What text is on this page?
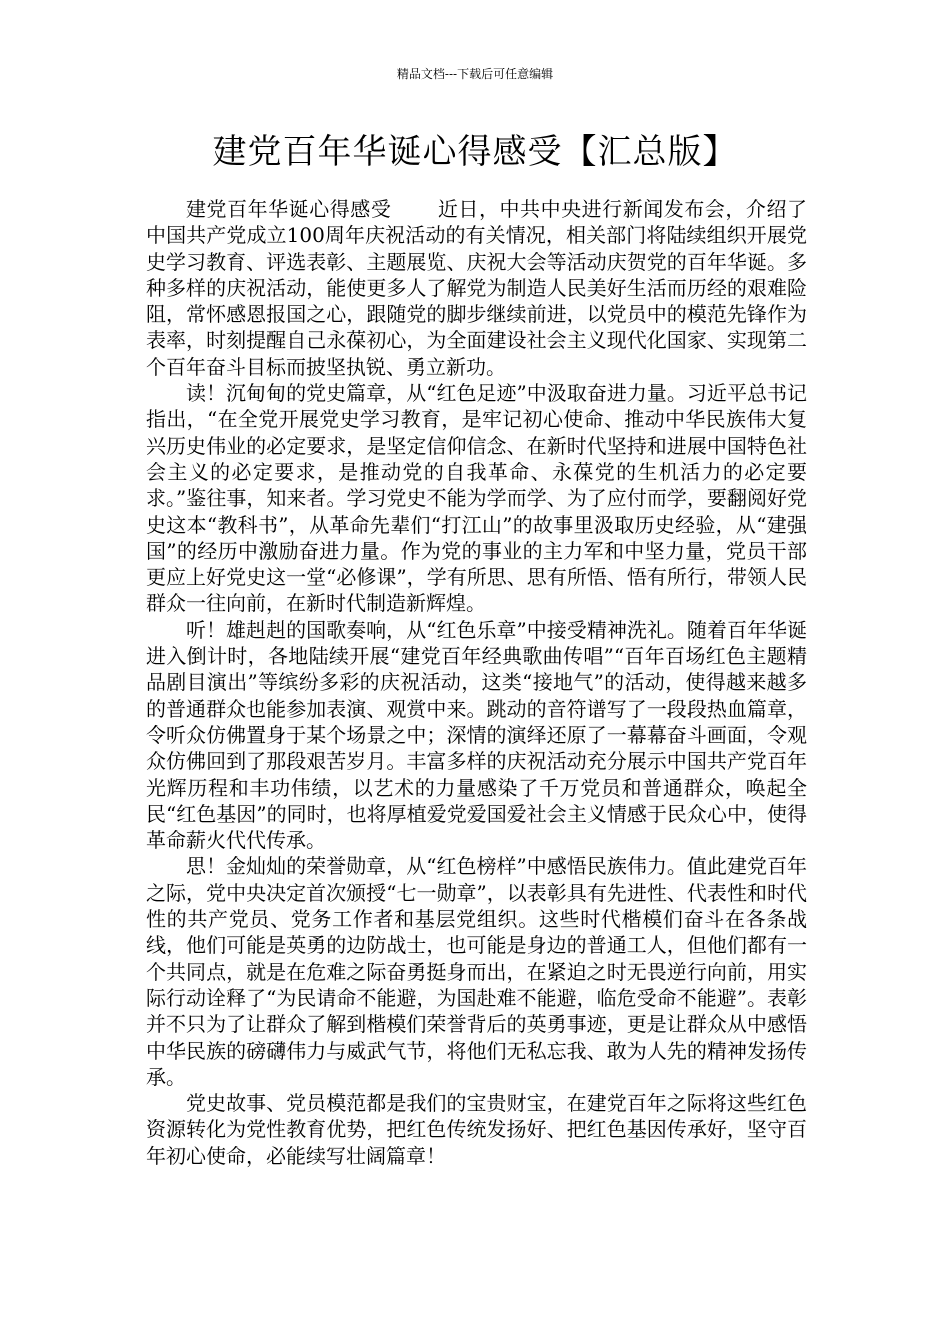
精品文档---下载后可任意编辑
建党百年华诞心得感受【汇总版】

建党百年华诞心得感受 近日，中共中央进行新闻发布会，介绍了中国共产党成立100周年庆祝活动的有关情况，相关部门将陆续组织开展党史学习教育、评选表彰、主题展览、庆祝大会等活动庆贺党的百年华诞。多种多样的庆祝活动，能使更多人了解党为制造人民美好生活而历经的艰难险阻，常怀感恩报国之心，跟随党的脚步继续前进，以党员中的模范先锋作为表率，时刻提醒自己永葆初心，为全面建设社会主义现代化国家、实现第二个百年奋斗目标而披坚执锐、勇立新功。

读！沉甸甸的党史篇章，从“红色足迹”中汲取奋进力量。习近平总书记指出，“在全党开展党史学习教育，是牢记初心使命、推动中华民族伟大复兴历史伟业的必定要求，是坚定信仰信念、在新时代坚持和进展中国特色社会主义的必定要求，是推动党的自我革命、永葆党的生机活力的必定要求。”鉴往事，知来者。学习党史不能为学而学、为了应付而学，要翻阅好党史这本“教科书”，从革命先辈们“打江山”的故事里汲取历史经验，从“建强国”的经历中激励奋进力量。作为党的事业的主力军和中坚力量，党员干部更应上好党史这一堂“必修课”，学有所思、思有所悟、悟有所行，带领人民群众一往向前，在新时代制造新辉煌。

听！雄赳赳的国歌奏响，从“红色乐章”中接受精神洗礼。随着百年华诞进入倒计时，各地陆续开展“建党百年经典歌曲传唱”“百年百场红色主题精品剧目演出”等缤纷多彩的庆祝活动，这类“接地气”的活动，使得越来越多的普通群众也能参加表演、观赏中来。跳动的音符谱写了一段段热血篇章，令听众仿佛置身于某个场景之中；深情的演绎还原了一幕幕奋斗画面，令观众仿佛回到了那段艰苦岁月。丰富多样的庆祝活动充分展示中国共产党百年光辉历程和丰功伟绩，以艺术的力量感染了千万党员和普通群众，唤起全民“红色基因”的同时，也将厚植爱党爱国爱社会主义情感于民众心中，使得革命薪火代代传承。

思！金灿灿的荣誉勋章，从“红色榜样”中感悟民族伟力。值此建党百年之际，党中央决定首次颁授“七一勋章”，以表彰具有先进性、代表性和时代性的共产党员、党务工作者和基层党组织。这些时代楷模们奋斗在各条战线，他们可能是英勇的边防战士，也可能是身边的普通工人，但他们都有一个共同点，就是在危难之际奋勇挺身而出，在紧迫之时无畏逆行向前，用实际行动诠释了“为民请命不能避，为国赴难不能避，临危受命不能避”。表彰并不只为了让群众了解到楷模们荣誉背后的英勇事迹，更是让群众从中感悟中华民族的磅礴伟力与威武气节，将他们无私忘我、敢为人先的精神发扬传承。

党史故事、党员模范都是我们的宝贵财宝，在建党百年之际将这些红色资源转化为党性教育优势，把红色传统发扬好、把红色基因传承好，坚守百年初心使命，必能续写壮阔篇章！
